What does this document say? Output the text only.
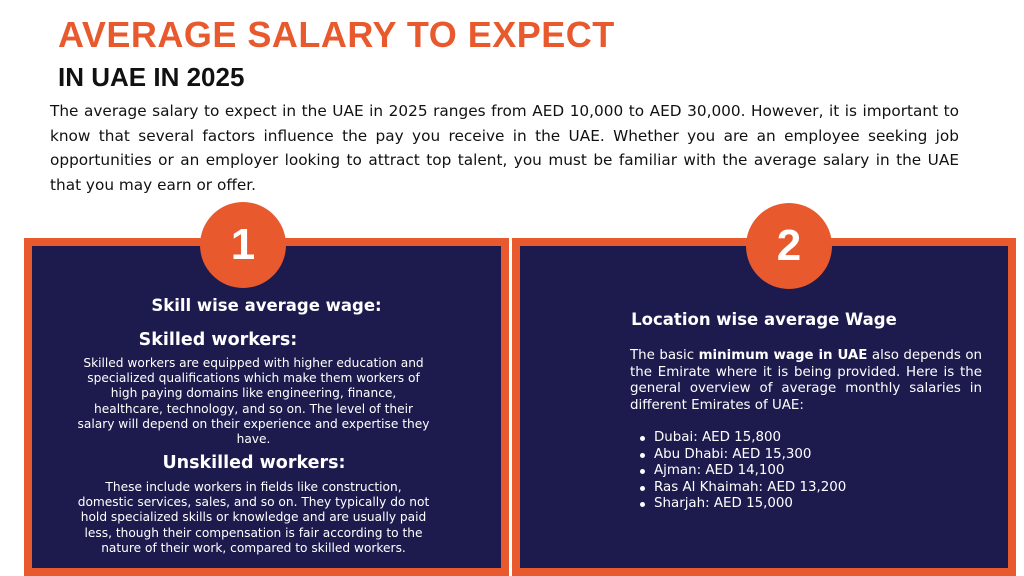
AVERAGE SALARY TO EXPECT
IN UAE IN 2025

The average salary to expect in the UAE in 2025 ranges from AED 10,000 to AED 30,000. However, it is important to know that several factors influence the pay you receive in the UAE. Whether you are an employee seeking job opportunities or an employer looking to attract top talent, you must be familiar with the average salary in the UAE that you may earn or offer.

Skill wise average wage:
Skilled workers:

Skilled workers are equipped with higher education and specialized qualifications which make them workers of high paying domains like engineering, finance, healthcare, technology, and so on. The level of their salary will depend on their experience and expertise they have.

Unskilled workers:

These include workers in fields like construction, domestic services, sales, and so on. They typically do not hold specialized skills or knowledge and are usually paid less, though their compensation is fair according to the nature of their work, compared to skilled workers.

Location wise average Wage

The basic minimum wage in UAE also depends on the Emirate where it is being provided. Here is the general overview of average monthly salaries in different Emirates of UAE:

Dubai: AED 15,800
Abu Dhabi: AED 15,300
Ajman: AED 14,100
Ras Al Khaimah: AED 13,200
Sharjah: AED 15,000
1	2
